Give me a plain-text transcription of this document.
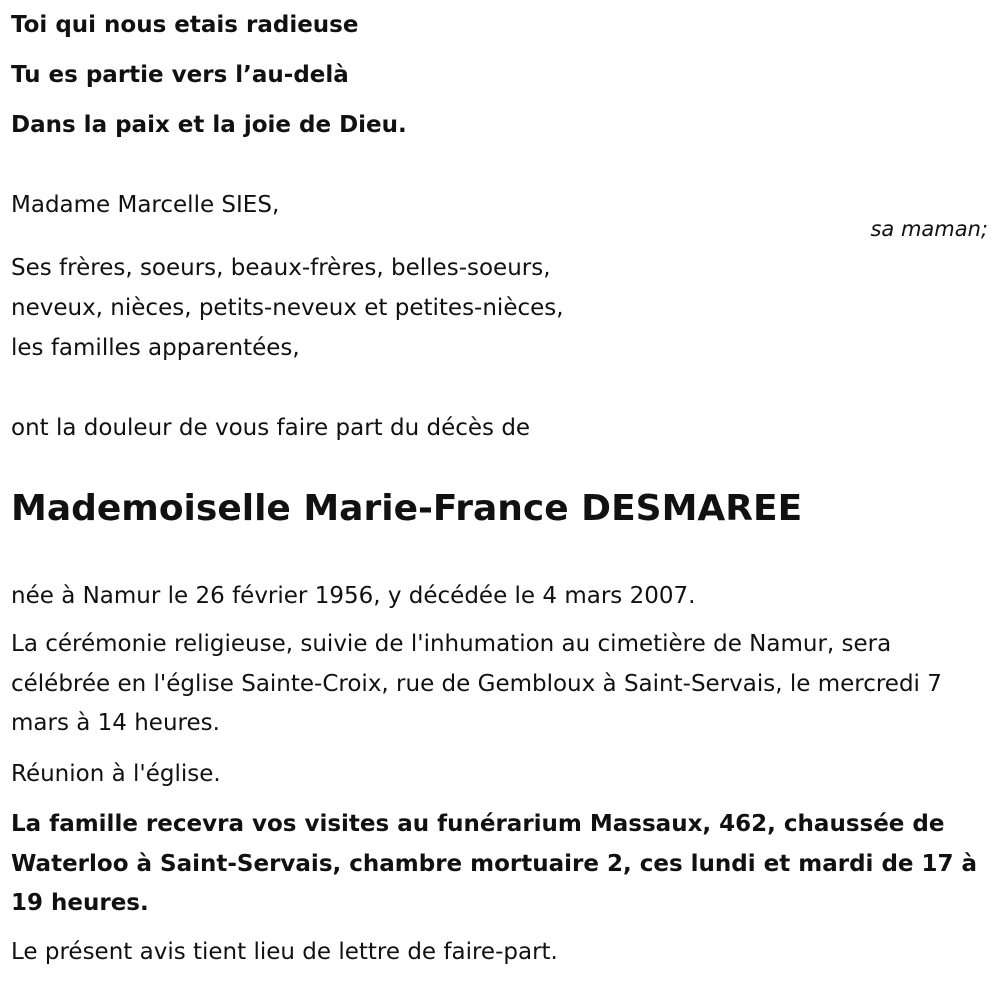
Toi qui nous etais radieuse
Tu es partie vers l’au-delà
Dans la paix et la joie de Dieu.
Madame Marcelle SIES,
sa maman;
Ses frères, soeurs, beaux-frères, belles-soeurs,
neveux, nièces, petits-neveux et petites-nièces,
les familles apparentées,
ont la douleur de vous faire part du décès de
Mademoiselle Marie-France DESMAREE
née à Namur le 26 février 1956, y décédée le 4 mars 2007.
La cérémonie religieuse, suivie de l'inhumation au cimetière de Namur, sera célébrée en l'église Sainte-Croix, rue de Gembloux à Saint-Servais, le mercredi 7 mars à 14 heures.
Réunion à l'église.
La famille recevra vos visites au funérarium Massaux, 462, chaussée de Waterloo à Saint-Servais, chambre mortuaire 2, ces lundi et mardi de 17 à 19 heures.
Le présent avis tient lieu de lettre de faire-part.
